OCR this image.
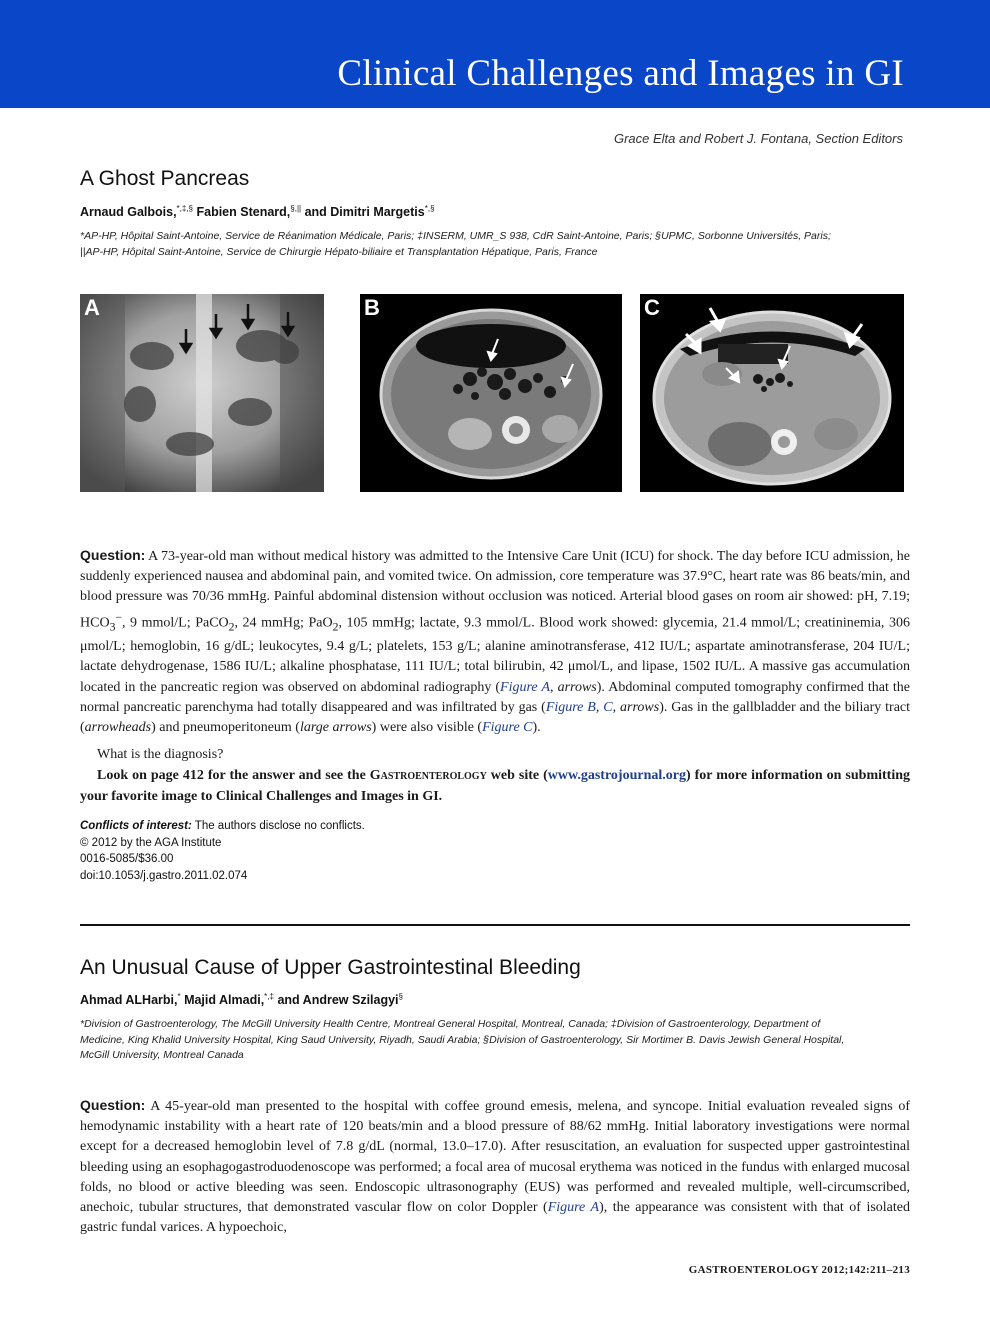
Clinical Challenges and Images in GI
Grace Elta and Robert J. Fontana, Section Editors
A Ghost Pancreas
Arnaud Galbois,*,‡,§ Fabien Stenard,§,|| and Dimitri Margetis*,§
*AP-HP, Hôpital Saint-Antoine, Service de Réanimation Médicale, Paris; ‡INSERM, UMR_S 938, CdR Saint-Antoine, Paris; §UPMC, Sorbonne Universités, Paris;
||AP-HP, Hôpital Saint-Antoine, Service de Chirurgie Hépato-biliaire et Transplantation Hépatique, Paris, France
A	B	C
Question: A 73-year-old man without medical history was admitted to the Intensive Care Unit (ICU) for shock. The day before ICU admission, he suddenly experienced nausea and abdominal pain, and vomited twice. On admission, core temperature was 37.9°C, heart rate was 86 beats/min, and blood pressure was 70/36 mmHg. Painful abdominal distension without occlusion was noticed. Arterial blood gases on room air showed: pH, 7.19; $HCO_3^-$, 9 mmol/L; PaCO$_2$, 24 mmHg; PaO$_2$, 105 mmHg; lactate, 9.3 mmol/L. Blood work showed: glycemia, 21.4 mmol/L; creatininemia, 306 μmol/L; hemoglobin, 16 g/dL; leukocytes, 9.4 g/L; platelets, 153 g/L; alanine aminotransferase, 412 IU/L; aspartate aminotransferase, 204 IU/L; lactate dehydrogenase, 1586 IU/L; alkaline phosphatase, 111 IU/L; total bilirubin, 42 μmol/L, and lipase, 1502 IU/L. A massive gas accumulation located in the pancreatic region was observed on abdominal radiography (Figure A, arrows). Abdominal computed tomography confirmed that the normal pancreatic parenchyma had totally disappeared and was infiltrated by gas (Figure B, C, arrows). Gas in the gallbladder and the biliary tract (arrowheads) and pneumoperitoneum (large arrows) were also visible (Figure C).
What is the diagnosis?
Look on page 412 for the answer and see the Gastroenterology web site (www.gastrojournal.org) for more information on submitting your favorite image to Clinical Challenges and Images in GI.
Conflicts of interest: The authors disclose no conflicts.
© 2012 by the AGA Institute
0016-5085/$36.00
doi:10.1053/j.gastro.2011.02.074
An Unusual Cause of Upper Gastrointestinal Bleeding
Ahmad ALHarbi,* Majid Almadi,*,‡ and Andrew Szilagyi§
*Division of Gastroenterology, The McGill University Health Centre, Montreal General Hospital, Montreal, Canada; ‡Division of Gastroenterology, Department of
Medicine, King Khalid University Hospital, King Saud University, Riyadh, Saudi Arabia; §Division of Gastroenterology, Sir Mortimer B. Davis Jewish General Hospital,
McGill University, Montreal Canada
Question: A 45-year-old man presented to the hospital with coffee ground emesis, melena, and syncope. Initial evaluation revealed signs of hemodynamic instability with a heart rate of 120 beats/min and a blood pressure of 88/62 mmHg. Initial laboratory investigations were normal except for a decreased hemoglobin level of 7.8 g/dL (normal, 13.0–17.0). After resuscitation, an evaluation for suspected upper gastrointestinal bleeding using an esophagogastroduodenoscope was performed; a focal area of mucosal erythema was noticed in the fundus with enlarged mucosal folds, no blood or active bleeding was seen. Endoscopic ultrasonography (EUS) was performed and revealed multiple, well-circumscribed, anechoic, tubular structures, that demonstrated vascular flow on color Doppler (Figure A), the appearance was consistent with that of isolated gastric fundal varices. A hypoechoic,
GASTROENTEROLOGY 2012;142:211–213
